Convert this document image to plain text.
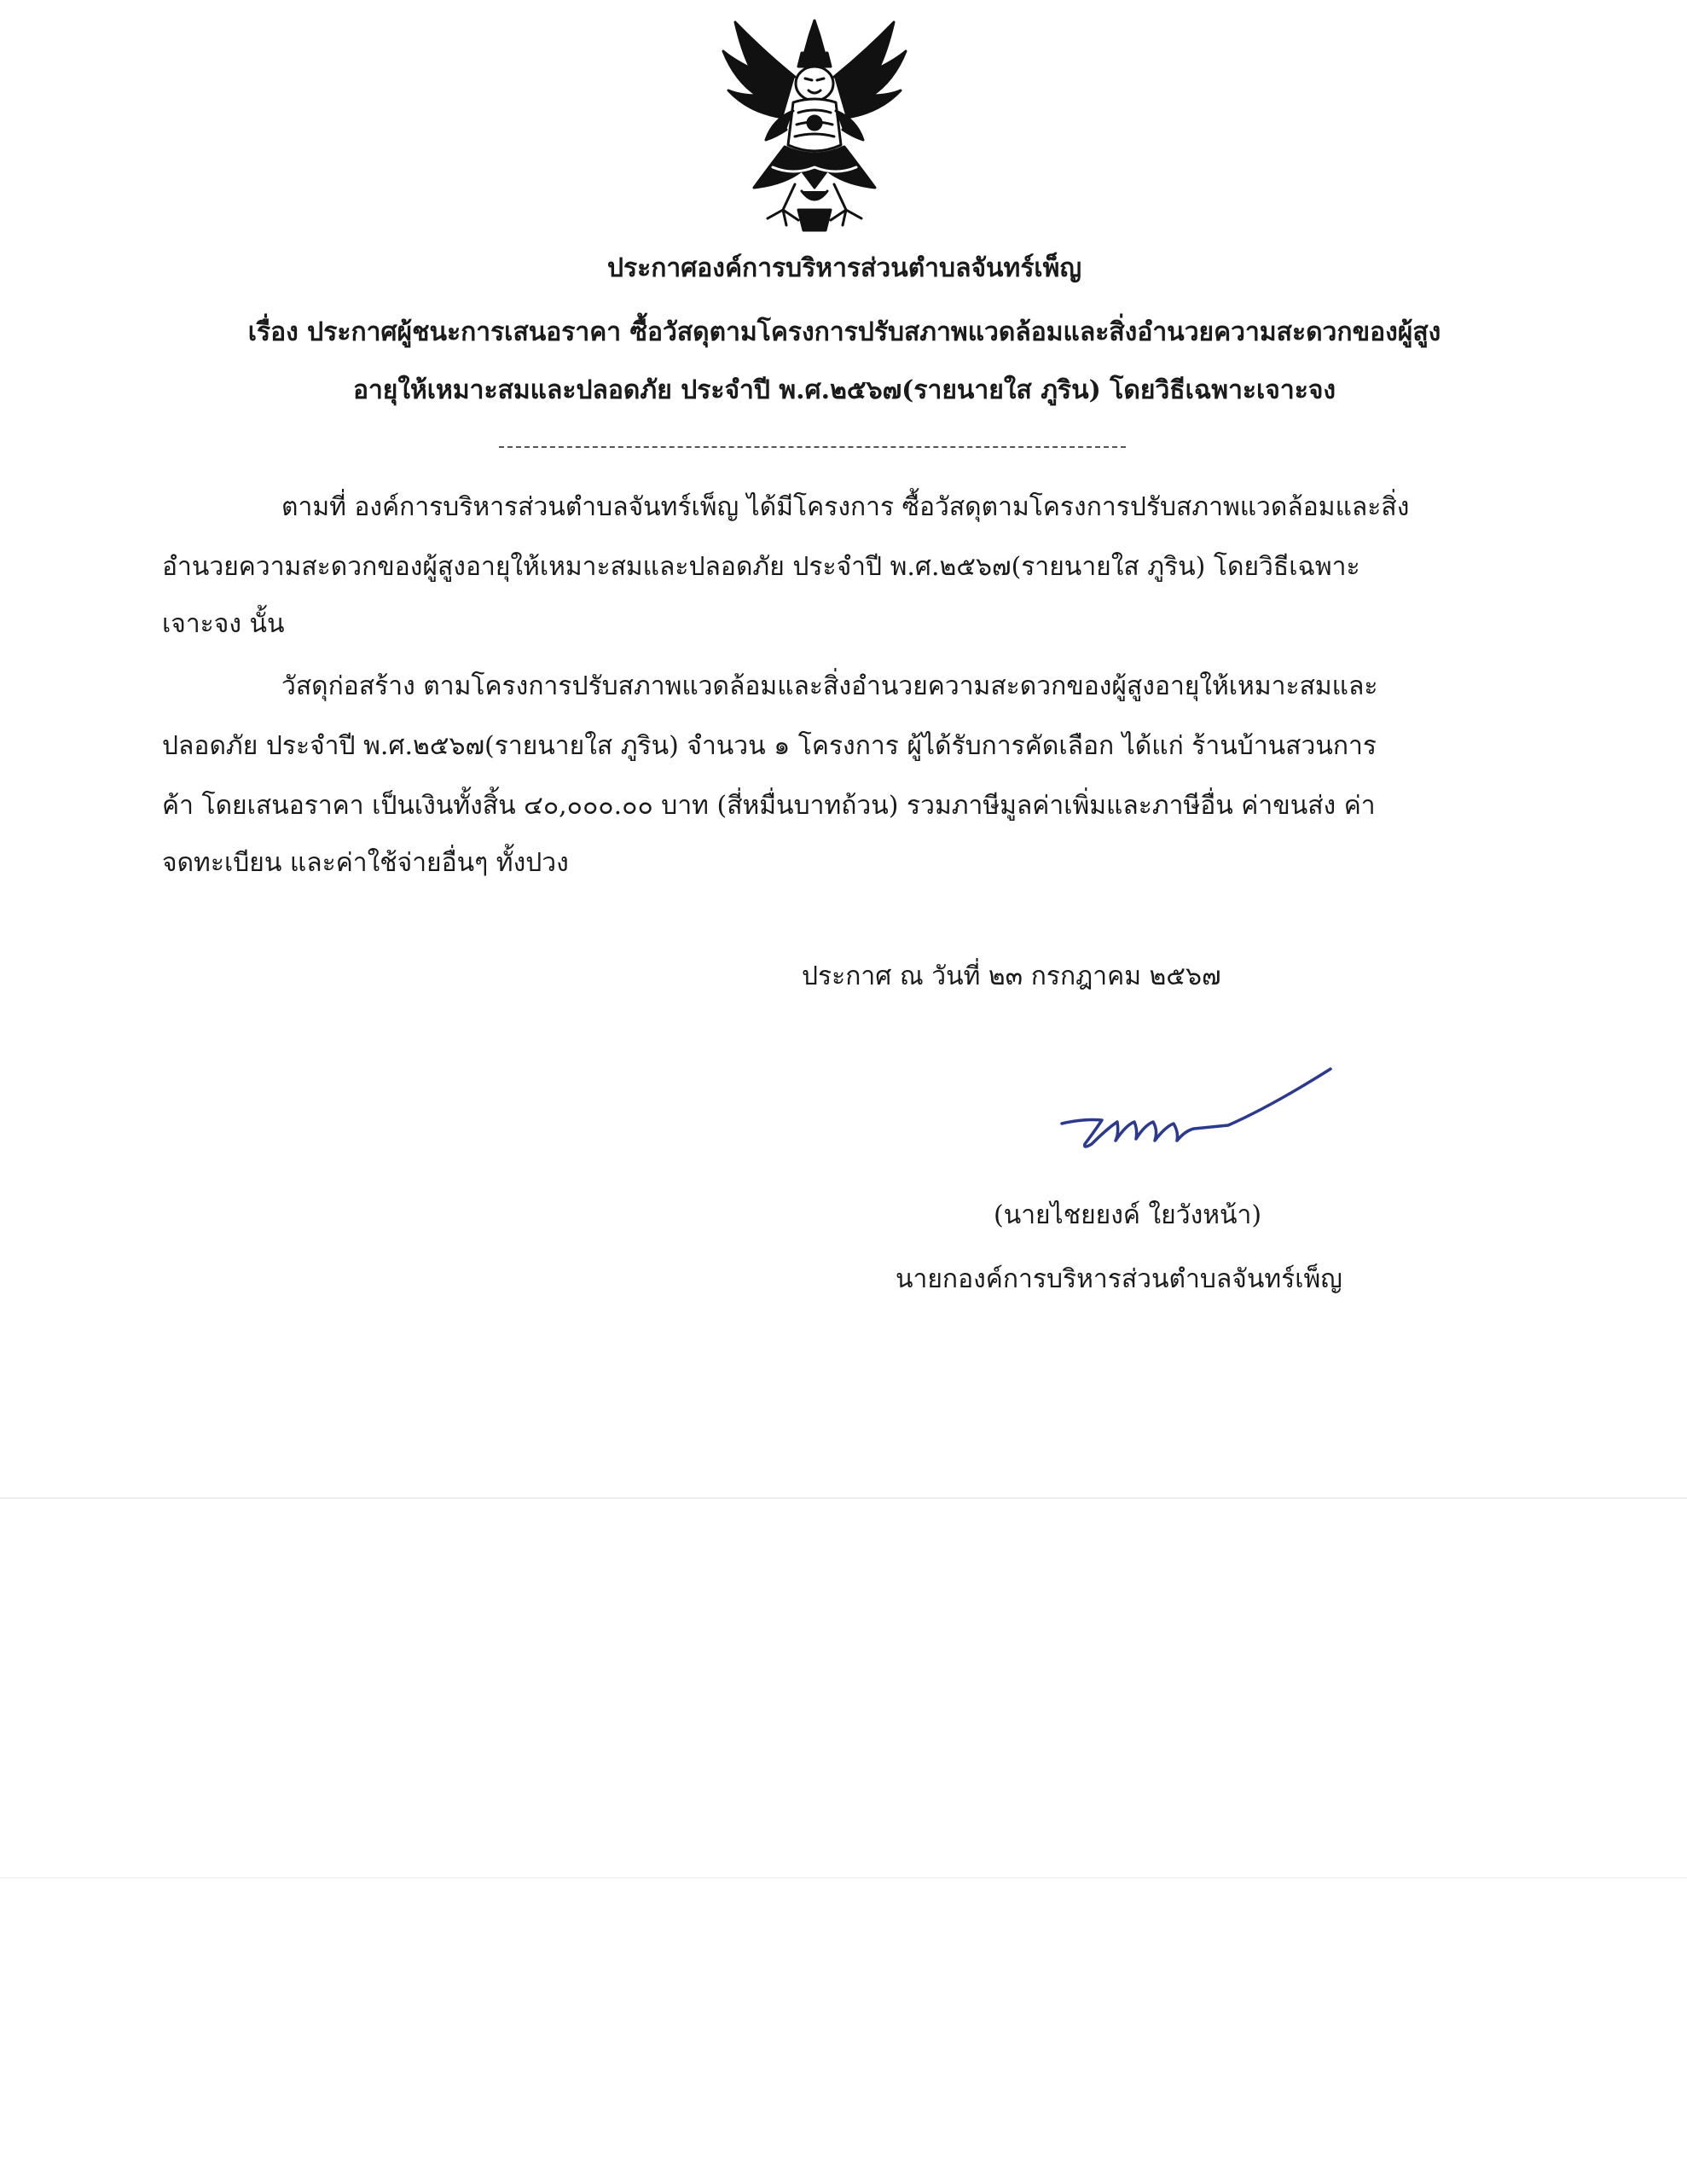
ประกาศองค์การบริหารส่วนตำบลจันทร์เพ็ญ
เรื่อง ประกาศผู้ชนะการเสนอราคา ซื้อวัสดุตามโครงการปรับสภาพแวดล้อมและสิ่งอำนวยความสะดวกของผู้สูง
อายุให้เหมาะสมและปลอดภัย ประจำปี พ.ศ.๒๕๖๗(รายนายใส ภูริน) โดยวิธีเฉพาะเจาะจง
ตามที่ องค์การบริหารส่วนตำบลจันทร์เพ็ญ ได้มีโครงการ ซื้อวัสดุตามโครงการปรับสภาพแวดล้อมและสิ่ง
อำนวยความสะดวกของผู้สูงอายุให้เหมาะสมและปลอดภัย ประจำปี พ.ศ.๒๕๖๗(รายนายใส ภูริน) โดยวิธีเฉพาะ
เจาะจง นั้น
วัสดุก่อสร้าง ตามโครงการปรับสภาพแวดล้อมและสิ่งอำนวยความสะดวกของผู้สูงอายุให้เหมาะสมและ
ปลอดภัย ประจำปี พ.ศ.๒๕๖๗(รายนายใส ภูริน) จำนวน ๑ โครงการ ผู้ได้รับการคัดเลือก ได้แก่ ร้านบ้านสวนการ
ค้า โดยเสนอราคา เป็นเงินทั้งสิ้น ๔๐,๐๐๐.๐๐ บาท (สี่หมื่นบาทถ้วน) รวมภาษีมูลค่าเพิ่มและภาษีอื่น ค่าขนส่ง ค่า
จดทะเบียน และค่าใช้จ่ายอื่นๆ ทั้งปวง
ประกาศ ณ วันที่ ๒๓ กรกฎาคม ๒๕๖๗
(นายไชยยงค์ ใยวังหน้า)
นายกองค์การบริหารส่วนตำบลจันทร์เพ็ญ
